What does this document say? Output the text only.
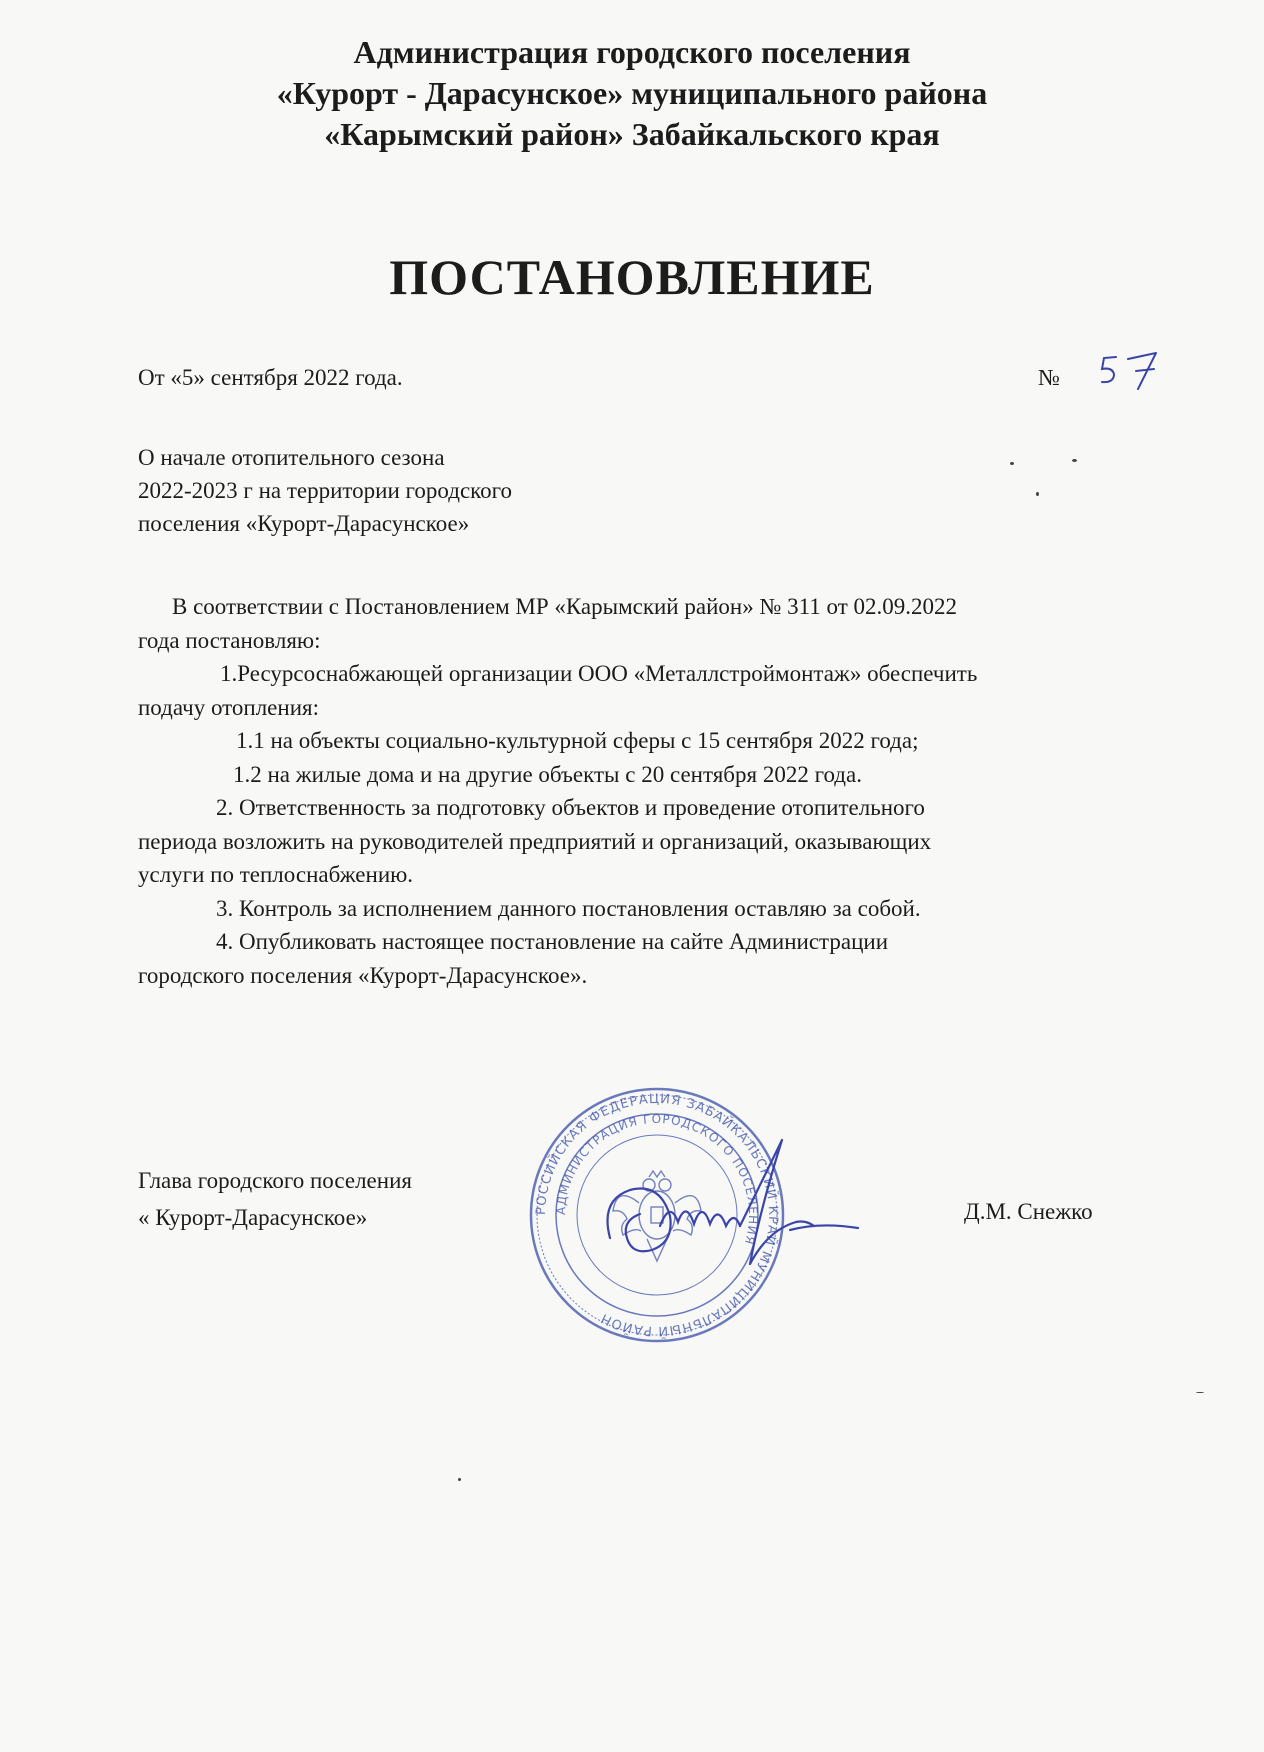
Администрация городского поселения
«Курорт - Дарасунское» муниципального района
«Карымский район» Забайкальского края
ПОСТАНОВЛЕНИЕ
От «5» сентября 2022 года.	№
О начале отопительного сезона
2022-2023 г на территории городского
поселения «Курорт-Дарасунское»
В соответствии с Постановлением МР «Карымский район» № 311 от 02.09.2022
года постановляю:
1.Ресурсоснабжающей организации ООО «Металлстроймонтаж» обеспечить
подачу отопления:
1.1 на объекты социально-культурной сферы с 15 сентября 2022 года;
1.2 на жилые дома и на другие объекты с 20 сентября 2022 года.
2. Ответственность за подготовку объектов и проведение отопительного
периода возложить на руководителей предприятий и организаций, оказывающих
услуги по теплоснабжению.
3. Контроль за исполнением данного постановления оставляю за собой.
4. Опубликовать настоящее постановление на сайте Администрации
городского поселения «Курорт-Дарасунское».
Глава городского поселения
« Курорт-Дарасунское»	Д.М. Снежко
РОССИЙСКАЯ ФЕДЕРАЦИЯ ЗАБАЙКАЛЬСКИЙ КРАЙ МУНИЦИПАЛЬНЫЙ РАЙОН
АДМИНИСТРАЦИЯ ГОРОДСКОГО ПОСЕЛЕНИЯ
